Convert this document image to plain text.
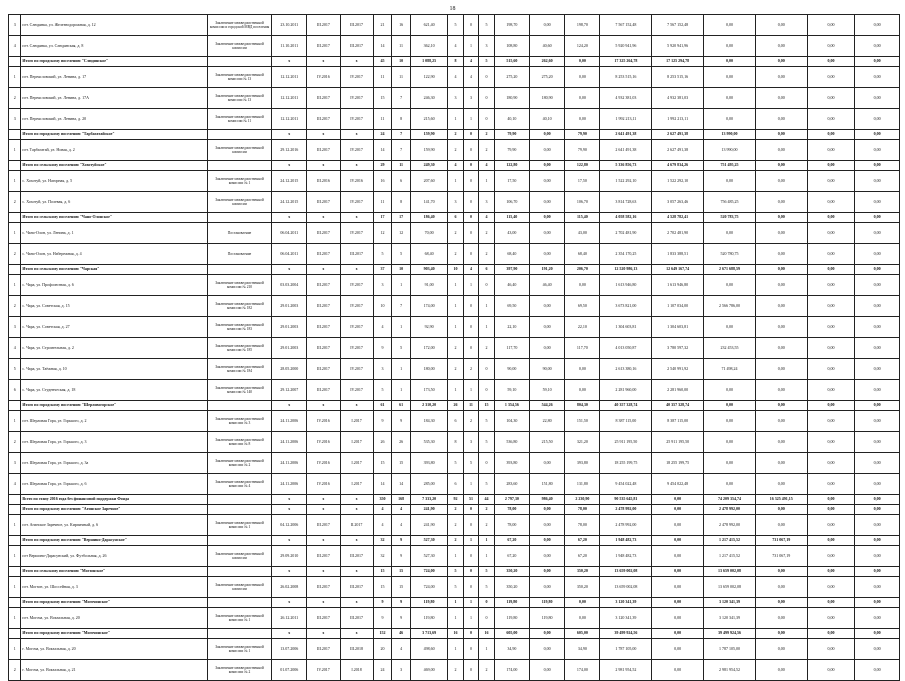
18
3	пгт. Слюдянка, ул. Железнодорожная, д. 12	Заключение межведомственной комиссии и городской МВД поселения	23.10.2011	III.2017	III.2017	21	16	621,40	5	0	5	198,70	0,00	198,70	7 567 152,48	7 567 152,48	0,00	0,00	0,00	0,00
4	пгт. Слюдянка, ул. Слюдянская, д. 8	Заключение межведомственной комиссии	11.10.2011	III.2017	III.2017	14	11	362,10	4	1	3	108,80	40,60	124,20	5 920 941,96	5 920 941,96	0,00	0,00	0,00	0,00
	Итого по городскому поселению "Слюдянское"		x	x	x	45	10	1 088,25	8	4	5	515,60	262,60	0,00	17 325 264,78	17 125 294,78	0,00	0,00	0,00	0,00
1	пгт. Переясловский, ул. Ленина, д. 17	Заключение межведомственной комиссии № 13	12.12.2011	IV.2016	IV.2017	11	11	122,90	4	4	0	275,20	275,20	0,00	8 253 515,16	8 253 515,16	0,00	0,00	0,00	0,00
2	пгт. Переясловский, ул. Ленина, д. 17А	Заключение межведомственной комиссии № 13	12.12.2011	III.2017	IV.2017	15	7	246,30	3	3	0	180,90	180,90	0,00	4 932 381,03	4 932 381,03	0,00	0,00	0,00	0,00
3	пгт. Переясловский, ул. Ленина, д. 20	Заключение межведомственной комиссии № 11	12.12.2011	III.2017	IV.2017	11	8	215,60	1	1	0	40,10	40,10	0,00	1 992 213,11	1 992 213,11	0,00	0,00	0,00	0,00
	Итого по городскому поселению "Тарбагатайское"		x	x	x	24	7	159,90	2	0	2	79,90	0,00	79,90	2 641 491,38	2 627 491,38	13 990,00	0,00	0,00	0,00
1	пгт. Тарбагатай, ул. Новая, д. 2	Заключение межведомственной комиссии	29.12.2016	III.2017	IV.2017	14	7	159,90	2	0	2	79,90	0,00	79,90	2 641 491,38	2 627 491,38	13 990,00	0,00	0,00	0,00
	Итого по сельскому поселению "Хохотуйское"		x	x	x	29	11	249,30	4	0	4	122,80	0,00	122,80	5 336 856,73	4 679 834,26	751 495,25	0,00	0,00	0,00
1	с. Хохотуй, ул. Нагорная, д. 5	Заключение межведомственной комиссии № 1	24.12.2015	III.2016	IV.2016	16	6	207,60	1	0	1	17,50	0,00	17,50	1 522 292,10	1 522 292,10	0,00	0,00	0,00	0,00
2	с. Хохотуй, ул. Полевая, д. 6	Заключение межведомственной комиссии	24.12.2015	III.2017	IV.2017	11	8	141,70	3	0	3	106,70	0,00	106,70	3 814 728,63	3 057 263,46	756 485,25	0,00	0,00	0,00
	Итого по сельскому поселению "Чано-Олонское"		x	x	x	17	17	186,40	6	0	4	115,40	0,00	115,40	4 058 582,16	4 528 782,41	520 783,75	0,00	0,00	0,00
1	с. Чано-Олон, ул. Ленина, д. 1	Постановление	06.04.2011	III.2017	IV.2017	12	12	70,00	2	0	2	43,00	0,00	43,00	2 702 481,90	2 702 481,90	0,00	0,00	0,00	0,00
2	с. Чано-Олон, ул. Набережная, д. 4	Постановление	06.04.2011	III.2017	III.2017	5	5	68,40	2	0	2	68,40	0,00	68,40	2 354 170,25	1 833 388,51	520 780,75	0,00	0,00	0,00
	Итого по сельскому поселению "Чарская"		x	x	x	37	10	903,40	10	4	6	397,90	191,20	206,70	12 520 986,13	12 649 167,74	2 671 688,59	0,00	0,00	0,00
1	с. Чара, ул. Профсоюзная, д. 6	Заключение межведомственной комиссии № 210	03.03.2004	III.2017	IV.2017	3	1	91,00	1	1	0	46,40	46,40	0,00	1 613 946,80	1 613 946,80	0,00	0,00	0,00	0,00
2	с. Чара, ул. Советская, д. 15	Заключение межведомственной комиссии № 182	29.01.2003	III.2017	IV.2017	10	7	174,00	1	0	1	69,50	0,00	69,50	3 673 821,00	1 107 034,00	2 566 786,00	0,00	0,00	0,00
3	с. Чара, ул. Советская, д. 27	Заключение межведомственной комиссии № 183	29.01.2003	III.2017	IV.2017	4	1	92,90	1	0	1	22,10	0,00	22,10	1 304 603,81	1 304 603,81	0,00	0,00	0,00	0,00
4	с. Чара, ул. Строительная, д. 2	Заключение межведомственной комиссии № 185	29.01.2003	III.2017	IV.2017	9	5	172,00	2	0	2	117,70	0,00	117,70	4 013 050,87	3 780 597,32	232 453,55	0,00	0,00	0,00
5	с. Чара, ул. Таёжная, д. 10	Заключение межведомственной комиссии № 184	28.05.2000	III.2017	IV.2017	3	1	180,00	2	2	0	90,00	90,00	0,00	2 613 380,16	2 540 991,92	71 498,24	0,00	0,00	0,00
6	с. Чара, ул. Студенческая, д. 18	Заключение межведомственной комиссии № 140	29.12.2007	III.2017	IV.2017	5	1	173,50	1	1	0	59,10	59,10	0,00	2 281 960,00	2 281 960,00	0,00	0,00	0,00	0,00
	Итого по городскому поселению "Шерловогорское"		x	x	x	61	61	2 310,20	26	11	15	1 354,56	544,26	804,30	40 357 328,74	40 357 328,74	0,00	0,00	0,00	0,00
1	пгт. Шерловая Гора, ул. Горького, д. 2	Заключение межведомственной комиссии № 3	24.11.2006	IV.2016	I.2017	9	9	184,30	6	2	5	104,30	22,80	151,50	8 387 115,00	8 387 115,00	0,00	0,00	0,00	0,00
2	пгт. Шерловая Гора, ул. Горького, д. 3	Заключение межведомственной комиссии № 8	24.11.2006	IV.2016	I.2017	26	26	535,30	8	3	5	536,80	215,50	321,20	25 911 195,50	25 911 195,50	0,00	0,00	0,00	0,00
3	пгт. Шерловая Гора, ул. Горького, д. 3а	Заключение межведомственной комиссии № 2	24.11.2006	IV.2016	I.2017	15	15	393,80	5	5	0	393,80	0,00	393,80	18 255 199,75	18 255 199,75	0,00	0,00	0,00	0,00
4	пгт. Шерловая Гора, ул. Горького, д. 6	Заключение межведомственной комиссии № 4	24.11.2006	IV.2016	I.2017	14	14	285,00	6	1	5	283,60	151,80	131,80	9 454 022,48	9 454 022,48	0,00	0,00	0,00	0,00
	Всего по этапу 2016 года без финансовой поддержки Фонда		x	x	x	350	168	7 333,20	92	51	44	2 797,30	986,40	2 230,90	90 535 645,81	0,00	74 209 354,74	16 325 491,15	0,00	0,00
	Итого по городскому поселению "Агинское Заречное"		x	x	x	4	4	241,90	2	0	2	78,00	0,00	78,00	2 478 992,00	0,00	2 478 992,00	0,00	0,00	0,00
1	пгт. Агинское Заречное, ул. Кирпичный, д. 6	Заключение межведомственной комиссии № 1	04.12.2006	III.2017	II.2017	4	4	241,90	2	0	2	78,00	0,00	78,00	2 478 992,00	0,00	2 478 992,00	0,00	0,00	0,00
	Итого по городскому поселению "Вершино-Дарасунское"		x	x	x	32	9	527,30	2	1	1	67,20	0,00	67,20	1 948 482,73	0,00	1 217 415,52	731 067,19	0,00	0,00
1	пгт Вершино-Дарасунский, ул. Футбольная, д. 26	Заключение межведомственной комиссии	29.09.2010	III.2017	III.2017	32	9	527,30	1	0	1	67,20	0,00	67,20	1 948 482,73	0,00	1 217 415,52	731 067,19	0,00	0,00
	Итого по сельскому поселению "Могзонское"		x	x	x	15	15	724,00	5	0	5	350,20	0,00	350,20	13 659 002,08	0,00	13 659 002,08	0,00	0,00	0,00
1	пгт. Могзон, ул. Шоссейная, д. 3	Заключение межведомственной комиссии	26.02.2008	III.2017	III.2017	15	15	724,00	5	0	5	350,20	0,00	350,20	13 659 002,08	0,00	13 659 002,08	0,00	0,00	0,00
	Итого по городскому поселению "Могочинское"		x	x	x	9	9	119,80	1	1	0	119,80	119,80	0,00	3 120 341,39	0,00	3 120 341,39	0,00	0,00	0,00
1	пгт. Могоча, ул. Вокзальная, д. 20	Заключение межведомственной комиссии № 1	26.12.2011	III.2017	III.2017	9	9	119,80	1	1	0	119,80	119,80	0,00	3 120 341,39	0,00	3 120 341,39	0,00	0,00	0,00
	Итого по городскому поселению "Могочинское"		x	x	x	152	46	3 713,69	16	0	16	605,00	0,00	605,00	39 499 924,56	0,00	39 499 924,56	0,00	0,00	0,00
1	г. Могоча, ул. Вокзальная, д. 20	Заключение межведомственной комиссии № 1	13.07.2006	III.2017	III.2018	20	4	498,60	1	0	1	34,90	0,00	34,90	1 787 105,00	0,00	1 787 105,00	0,00	0,00	0,00
2	г. Могоча, ул. Вокзальная, д. 21	Заключение межведомственной комиссии № 2	01.07.2006	IV.2017	I.2018	24	3	469,00	2	0	2	174,00	0,00	174,00	2 981 954,52	0,00	2 981 954,52	0,00	0,00	0,00
